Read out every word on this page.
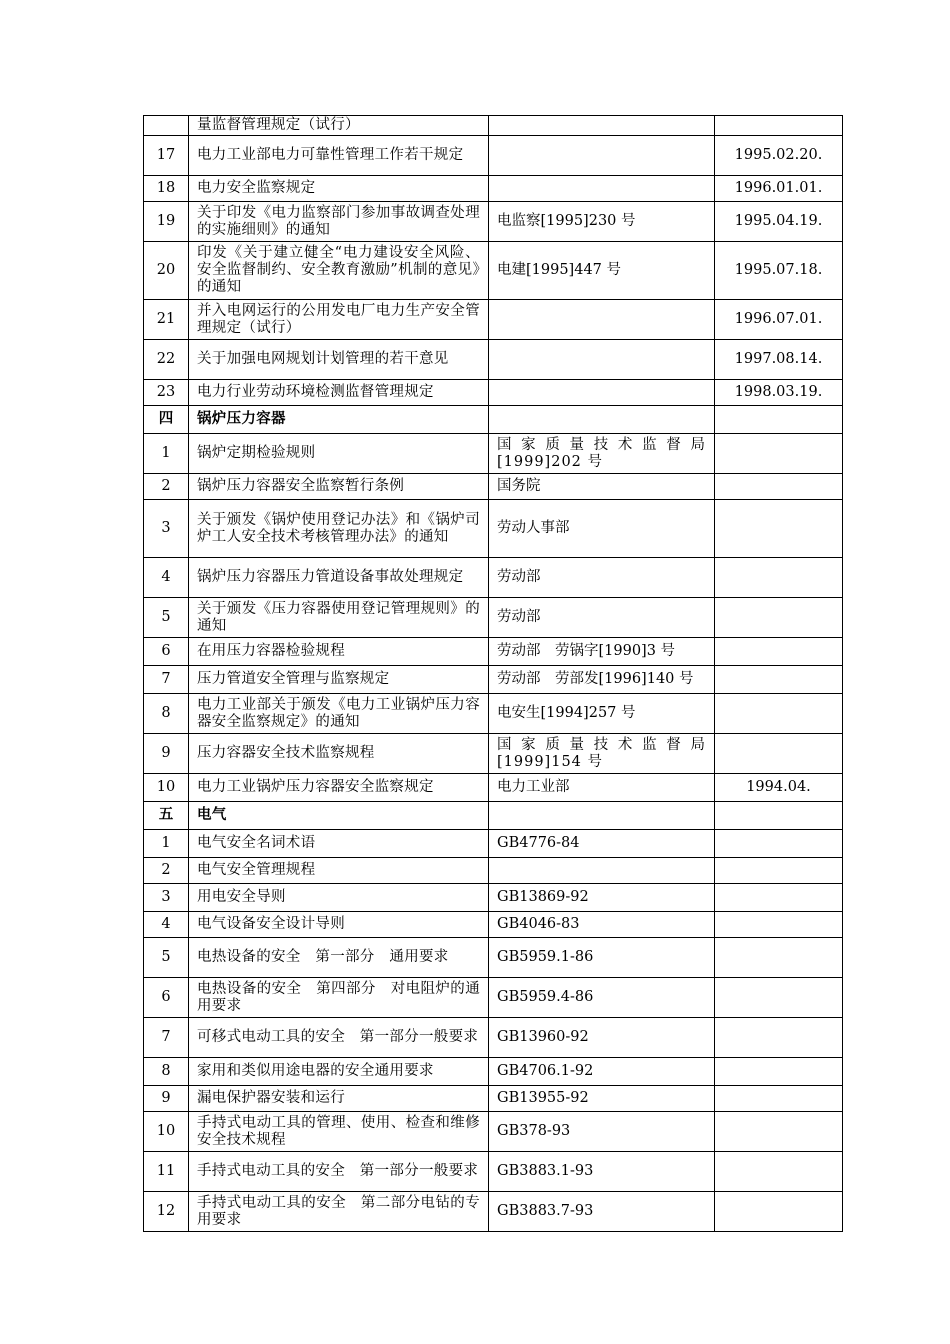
	量监督管理规定（试行）		
17	电力工业部电力可靠性管理工作若干规定		1995.02.20.
18	电力安全监察规定		1996.01.01.
19	关于印发《电力监察部门参加事故调查处理的实施细则》的通知	电监察[1995]230 号	1995.04.19.
20	印发《关于建立健全“电力建设安全风险、安全监督制约、安全教育激励”机制的意见》的通知	电建[1995]447 号	1995.07.18.
21	并入电网运行的公用发电厂电力生产安全管理规定（试行）		1996.07.01.
22	关于加强电网规划计划管理的若干意见		1997.08.14.
23	电力行业劳动环境检测监督管理规定		1998.03.19.
四	锅炉压力容器		
1	锅炉定期检验规则	国家质量技术监督局[1999]202 号	
2	锅炉压力容器安全监察暂行条例	国务院	
3	关于颁发《锅炉使用登记办法》和《锅炉司炉工人安全技术考核管理办法》的通知	劳动人事部	
4	锅炉压力容器压力管道设备事故处理规定	劳动部	
5	关于颁发《压力容器使用登记管理规则》的通知	劳动部	
6	在用压力容器检验规程	劳动部　劳锅字[1990]3 号	
7	压力管道安全管理与监察规定	劳动部　劳部发[1996]140 号	
8	电力工业部关于颁发《电力工业锅炉压力容器安全监察规定》的通知	电安生[1994]257 号	
9	压力容器安全技术监察规程	国家质量技术监督局[1999]154 号	
10	电力工业锅炉压力容器安全监察规定	电力工业部	1994.04.
五	电气		
1	电气安全名词术语	GB4776-84	
2	电气安全管理规程		
3	用电安全导则	GB13869-92	
4	电气设备安全设计导则	GB4046-83	
5	电热设备的安全　第一部分　通用要求	GB5959.1-86	
6	电热设备的安全　第四部分　对电阻炉的通用要求	GB5959.4-86	
7	可移式电动工具的安全　第一部分一般要求	GB13960-92	
8	家用和类似用途电器的安全通用要求	GB4706.1-92	
9	漏电保护器安装和运行	GB13955-92	
10	手持式电动工具的管理、使用、检查和维修安全技术规程	GB378-93	
11	手持式电动工具的安全　第一部分一般要求	GB3883.1-93	
12	手持式电动工具的安全　第二部分电钻的专用要求	GB3883.7-93	
